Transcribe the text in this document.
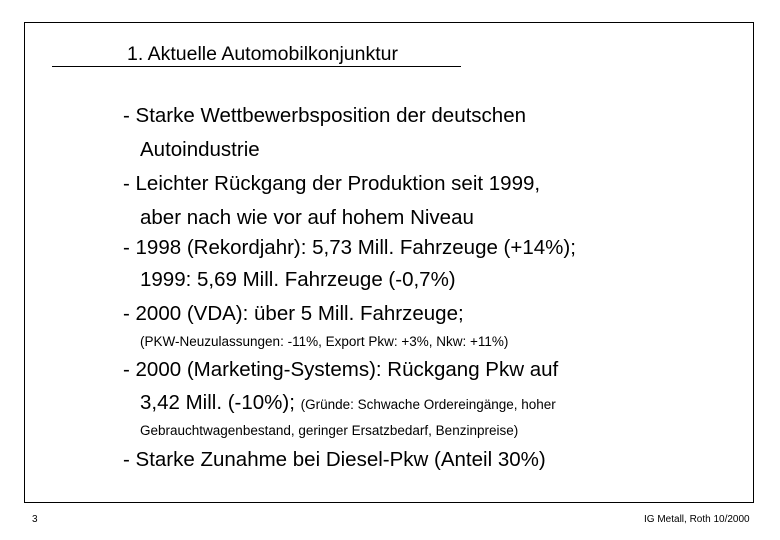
1. Aktuelle Automobilkonjunktur
- Starke Wettbewerbsposition der deutschen
Autoindustrie
- Leichter Rückgang der Produktion seit 1999,
aber nach wie vor auf hohem Niveau
- 1998 (Rekordjahr): 5,73 Mill. Fahrzeuge (+14%);
1999: 5,69 Mill. Fahrzeuge (-0,7%)
- 2000 (VDA): über 5 Mill. Fahrzeuge;
(PKW-Neuzulassungen: -11%, Export Pkw: +3%, Nkw: +11%)
- 2000 (Marketing-Systems): Rückgang Pkw auf
3,42 Mill. (-10%); (Gründe: Schwache Ordereingänge, hoher
Gebrauchtwagenbestand, geringer Ersatzbedarf, Benzinpreise)
- Starke Zunahme bei Diesel-Pkw (Anteil 30%)
3	IG Metall, Roth 10/2000
